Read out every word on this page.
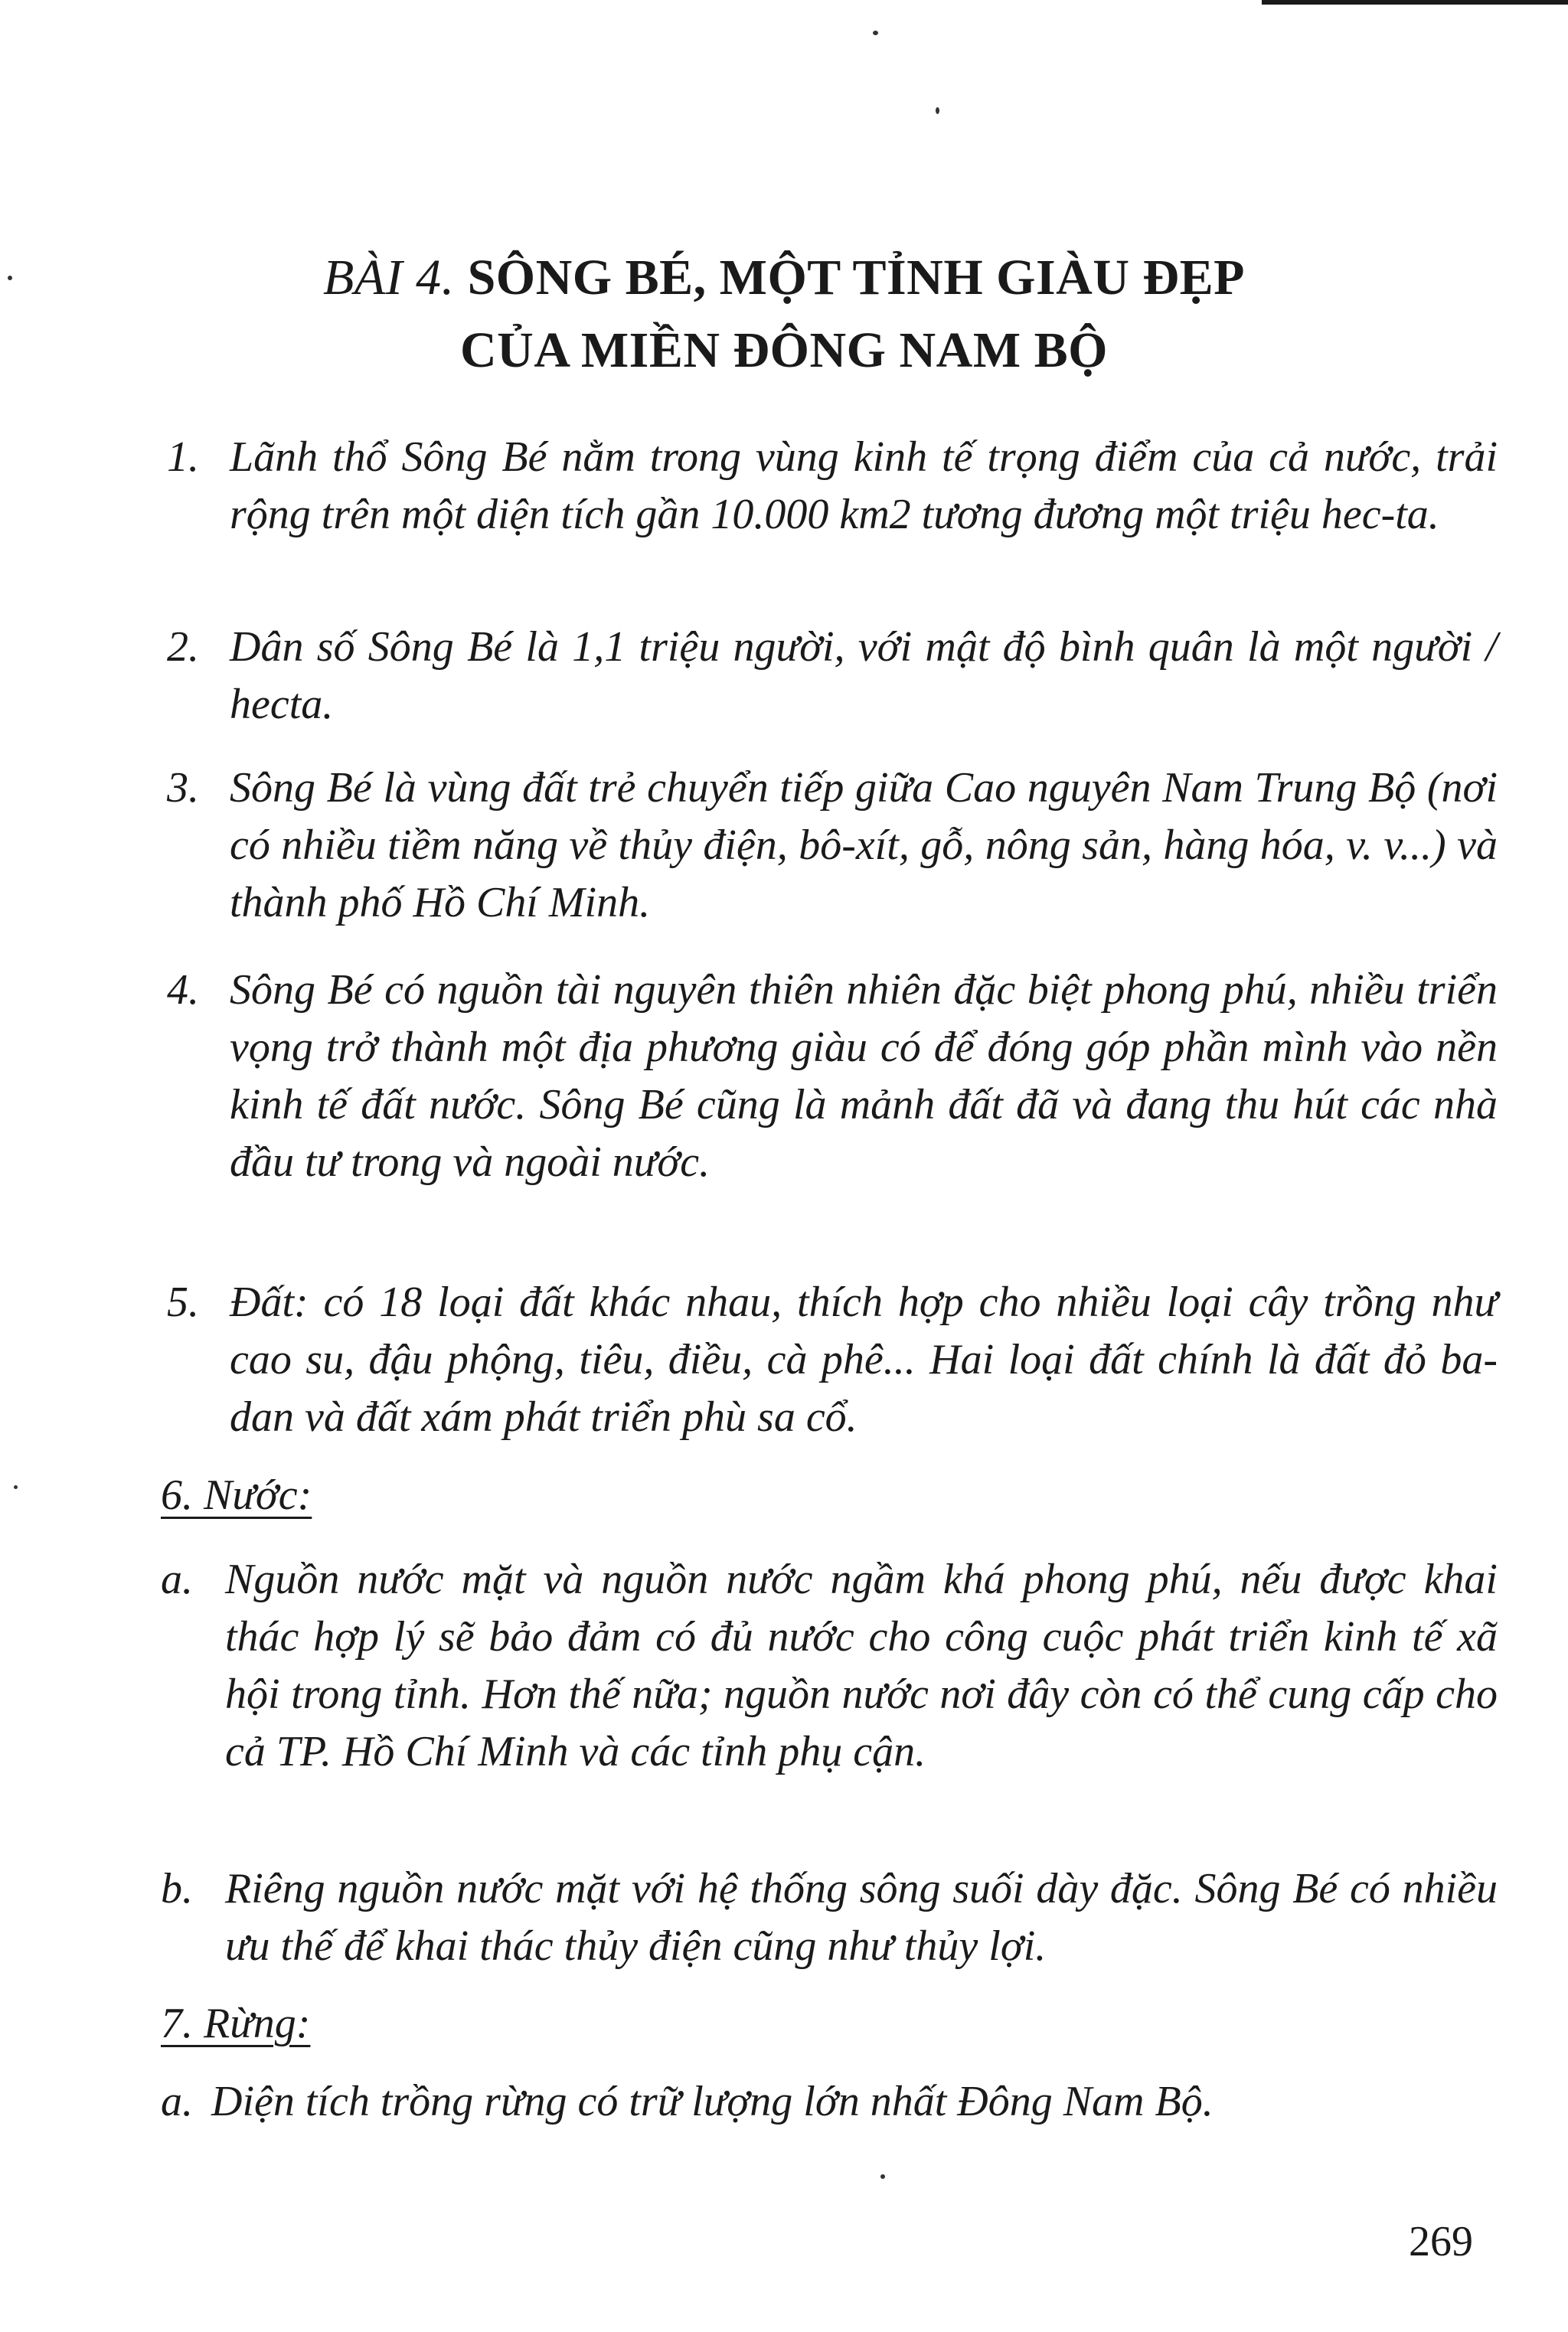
BÀI 4. SÔNG BÉ, MỘT TỈNH GIÀU ĐẸP
CỦA MIỀN ĐÔNG NAM BỘ
1. Lãnh thổ Sông Bé nằm trong vùng kinh tế trọng điểm của cả nước, trải rộng trên một diện tích gần 10.000 km2 tương đương một triệu hec-ta.
2. Dân số Sông Bé là 1,1 triệu người, với mật độ bình quân là một người / hecta.
3. Sông Bé là vùng đất trẻ chuyển tiếp giữa Cao nguyên Nam Trung Bộ (nơi có nhiều tiềm năng về thủy điện, bô-xít, gỗ, nông sản, hàng hóa, v. v...) và thành phố Hồ Chí Minh.
4. Sông Bé có nguồn tài nguyên thiên nhiên đặc biệt phong phú, nhiều triển vọng trở thành một địa phương giàu có để đóng góp phần mình vào nền kinh tế đất nước. Sông Bé cũng là mảnh đất đã và đang thu hút các nhà đầu tư trong và ngoài nước.
5. Đất: có 18 loại đất khác nhau, thích hợp cho nhiều loại cây trồng như cao su, đậu phộng, tiêu, điều, cà phê... Hai loại đất chính là đất đỏ ba-dan và đất xám phát triển phù sa cổ.
6. Nước:
a. Nguồn nước mặt và nguồn nước ngầm khá phong phú, nếu được khai thác hợp lý sẽ bảo đảm có đủ nước cho công cuộc phát triển kinh tế xã hội trong tỉnh. Hơn thế nữa; nguồn nước nơi đây còn có thể cung cấp cho cả TP. Hồ Chí Minh và các tỉnh phụ cận.
b. Riêng nguồn nước mặt với hệ thống sông suối dày đặc. Sông Bé có nhiều ưu thế để khai thác thủy điện cũng như thủy lợi.
7. Rừng:
a. Diện tích trồng rừng có trữ lượng lớn nhất Đông Nam Bộ.
269
